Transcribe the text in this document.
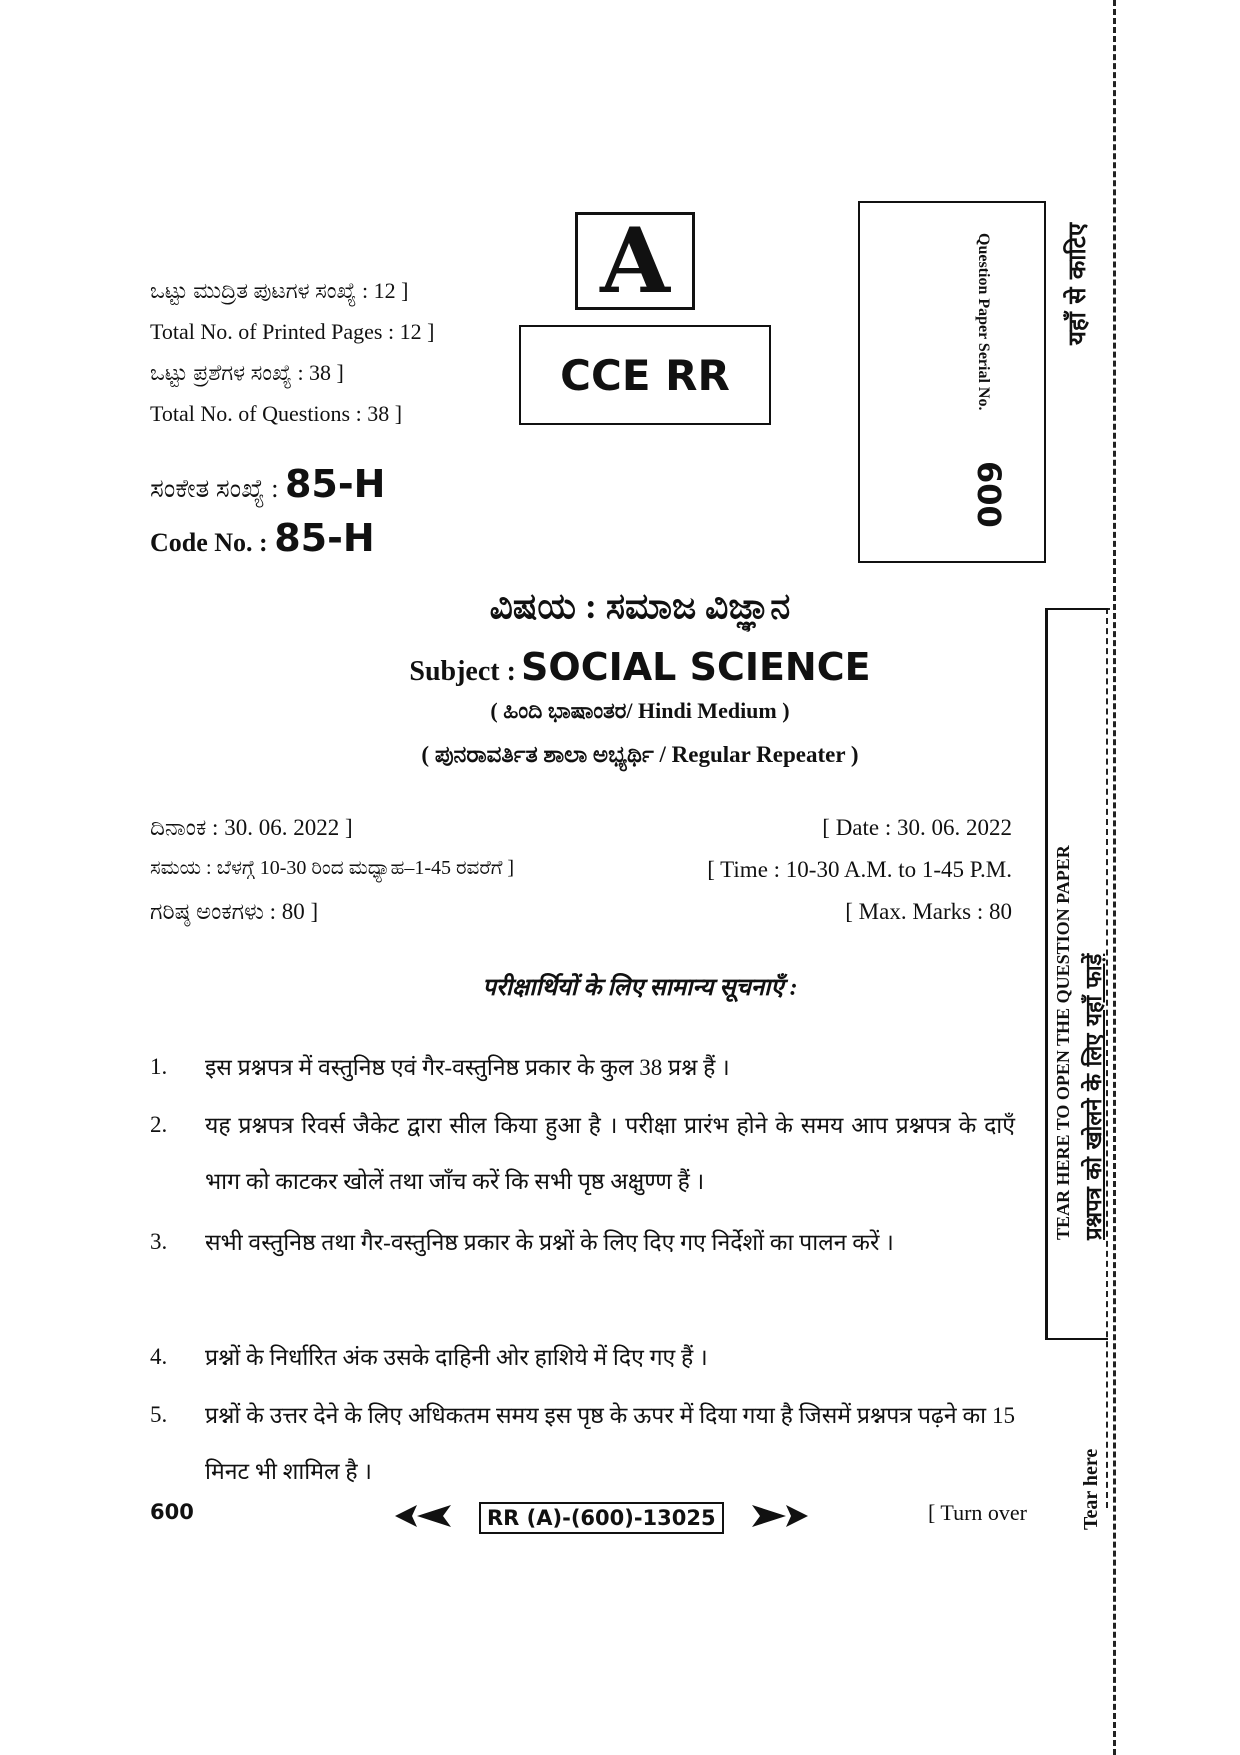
ಒಟ್ಟು ಮುದ್ರಿತ ಪುಟಗಳ ಸಂಖ್ಯೆ : 12 ]
Total No. of Printed Pages : 12 ]
ಒಟ್ಟು ಪ್ರಶೆಗಳ ಸಂಖ್ಯೆ : 38 ]
Total No. of Questions : 38 ]
A
CCE RR	Question Paper Serial No.
600
यहाँ से काटिए
ಸಂಕೇತ ಸಂಖ್ಯೆ : 85-H
Code No. : 85-H
ವಿಷಯ : ಸಮಾಜ ವಿಜ್ಞಾನ
Subject : SOCIAL SCIENCE
( ಹಿಂದಿ ಭಾಷಾಂತರ/ Hindi Medium )
( ಪುನರಾವರ್ತಿತ ಶಾಲಾ ಅಭ್ಯರ್ಥಿ / Regular Repeater )
ದಿನಾಂಕ : 30. 06. 2022 ]	[ Date : 30. 06. 2022
ಸಮಯ : ಬೆಳಗ್ಗೆ 10-30 ರಿಂದ ಮಧ್ಯಾಹ–1-45 ರವರೆಗೆ ]	[ Time : 10-30 A.M. to 1-45 P.M.
ಗರಿಷ್ಠ ಅಂಕಗಳು : 80 ]	[ Max. Marks : 80
परीक्षार्थियों के लिए सामान्य सूचनाएँ :
1.	इस प्रश्नपत्र में वस्तुनिष्ठ एवं गैर-वस्तुनिष्ठ प्रकार के कुल 38 प्रश्न हैं ।
2.	यह प्रश्नपत्र रिवर्स जैकेट द्वारा सील किया हुआ है । परीक्षा प्रारंभ होने के समय आप प्रश्नपत्र के दाएँ भाग को काटकर खोलें तथा जाँच करें कि सभी पृष्ठ अक्षुण्ण हैं ।
3.	सभी वस्तुनिष्ठ तथा गैर-वस्तुनिष्ठ प्रकार के प्रश्नों के लिए दिए गए निर्देशों का पालन करें ।
4.	प्रश्नों के निर्धारित अंक उसके दाहिनी ओर हाशिये में दिए गए हैं ।
5.	प्रश्नों के उत्तर देने के लिए अधिकतम समय इस पृष्ठ के ऊपर में दिया गया है जिसमें प्रश्नपत्र पढ़ने का 15 मिनट भी शामिल है ।
TEAR HERE TO OPEN THE QUESTION PAPER प्रश्नपत्र को खोलने के लिए यहाँ फाड़ें
Tear here
600	RR (A)-(600)-13025	[ Turn over
